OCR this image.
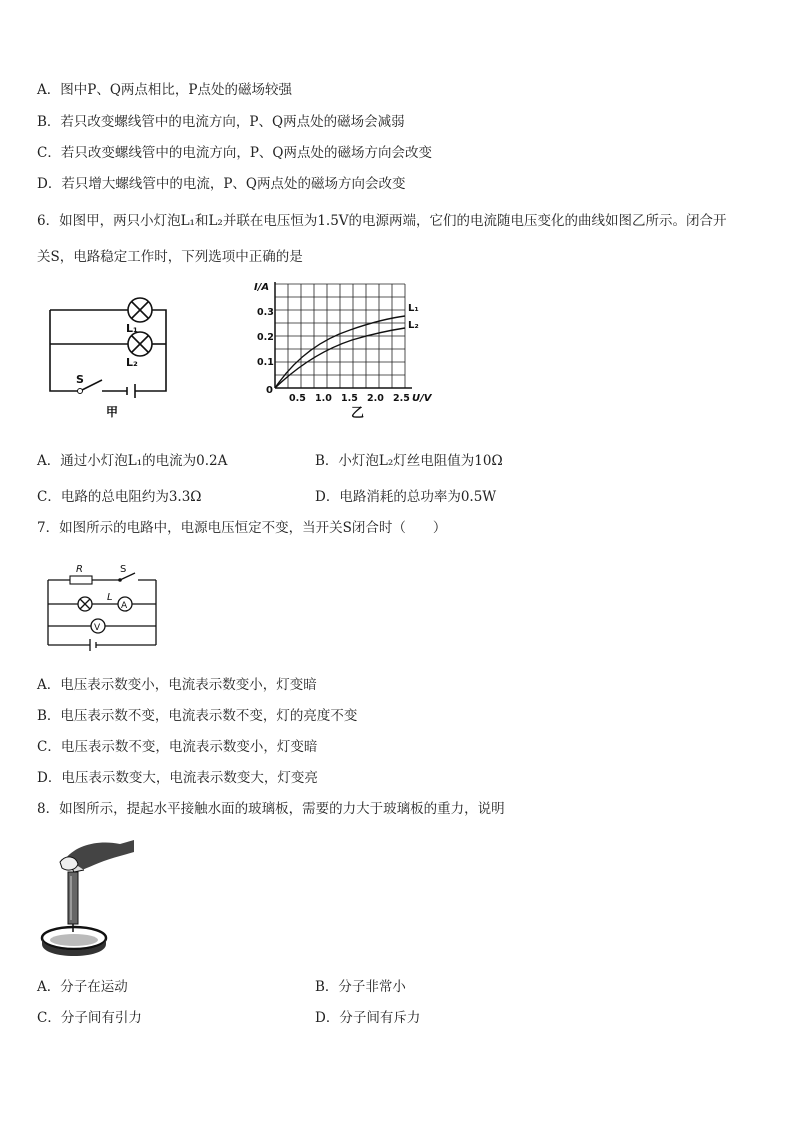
A．图中P、Q两点相比，P点处的磁场较强
B．若只改变螺线管中的电流方向，P、Q两点处的磁场会减弱
C．若只改变螺线管中的电流方向，P、Q两点处的磁场方向会改变
D．若只增大螺线管中的电流，P、Q两点处的磁场方向会改变
6．如图甲，两只小灯泡L₁和L₂并联在电压恒为1.5V的电源两端，它们的电流随电压变化的曲线如图乙所示。闭合开
关S，电路稳定工作时，下列选项中正确的是
L₁
L₂
S
甲
I/A
0
0.3
0.2
0.1
0.5 1.0 1.5 2.0 2.5 U/V
L₁
L₂
乙
A．通过小灯泡L₁的电流为0.2A	B．小灯泡L₂灯丝电阻值为10Ω
C．电路的总电阻约为3.3Ω	D．电路消耗的总功率为0.5W
7．如图所示的电路中，电源电压恒定不变，当开关S闭合时（　　）
R	S
L
A
V
A．电压表示数变小，电流表示数变小，灯变暗
B．电压表示数不变，电流表示数不变，灯的亮度不变
C．电压表示数不变，电流表示数变小，灯变暗
D．电压表示数变大，电流表示数变大，灯变亮
8．如图所示，提起水平接触水面的玻璃板，需要的力大于玻璃板的重力，说明
A．分子在运动	B．分子非常小
C．分子间有引力	D．分子间有斥力
